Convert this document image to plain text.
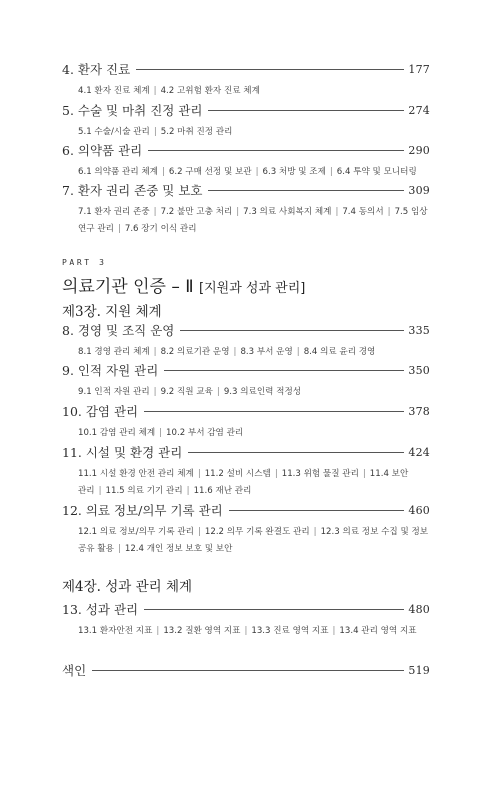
4. 환자 진료	177
4.1 환자 진료 체계 | 4.2 고위험 환자 진료 체계
5. 수술 및 마취 진정 관리	274
5.1 수술/시술 관리 | 5.2 마취 진정 관리
6. 의약품 관리	290
6.1 의약품 관리 체계 | 6.2 구매 선정 및 보관 | 6.3 처방 및 조제 | 6.4 투약 및 모니터링
7. 환자 권리 존중 및 보호	309
7.1 환자 권리 존중 | 7.2 불만 고충 처리 | 7.3 의료 사회복지 체계 | 7.4 동의서 | 7.5 임상 연구 관리 | 7.6 장기 이식 관리
PART 3
의료기관 인증 – Ⅱ [지원과 성과 관리]
제3장. 지원 체계
8. 경영 및 조직 운영	335
8.1 경영 관리 체계 | 8.2 의료기관 운영 | 8.3 부서 운영 | 8.4 의료 윤리 경영
9. 인적 자원 관리	350
9.1 인적 자원 관리 | 9.2 직원 교육 | 9.3 의료인력 적정성
10. 감염 관리	378
10.1 감염 관리 체계 | 10.2 부서 감염 관리
11. 시설 및 환경 관리	424
11.1 시설 환경 안전 관리 체계 | 11.2 설비 시스템 | 11.3 위험 물질 관리 | 11.4 보안 관리 | 11.5 의료 기기 관리 | 11.6 재난 관리
12. 의료 정보/의무 기록 관리	460
12.1 의료 정보/의무 기록 관리 | 12.2 의무 기록 완결도 관리 | 12.3 의료 정보 수집 및 정보 공유 활용 | 12.4 개인 정보 보호 및 보안
제4장. 성과 관리 체계
13. 성과 관리	480
13.1 환자안전 지표 | 13.2 질환 영역 지표 | 13.3 진료 영역 지표 | 13.4 관리 영역 지표
색인	519
